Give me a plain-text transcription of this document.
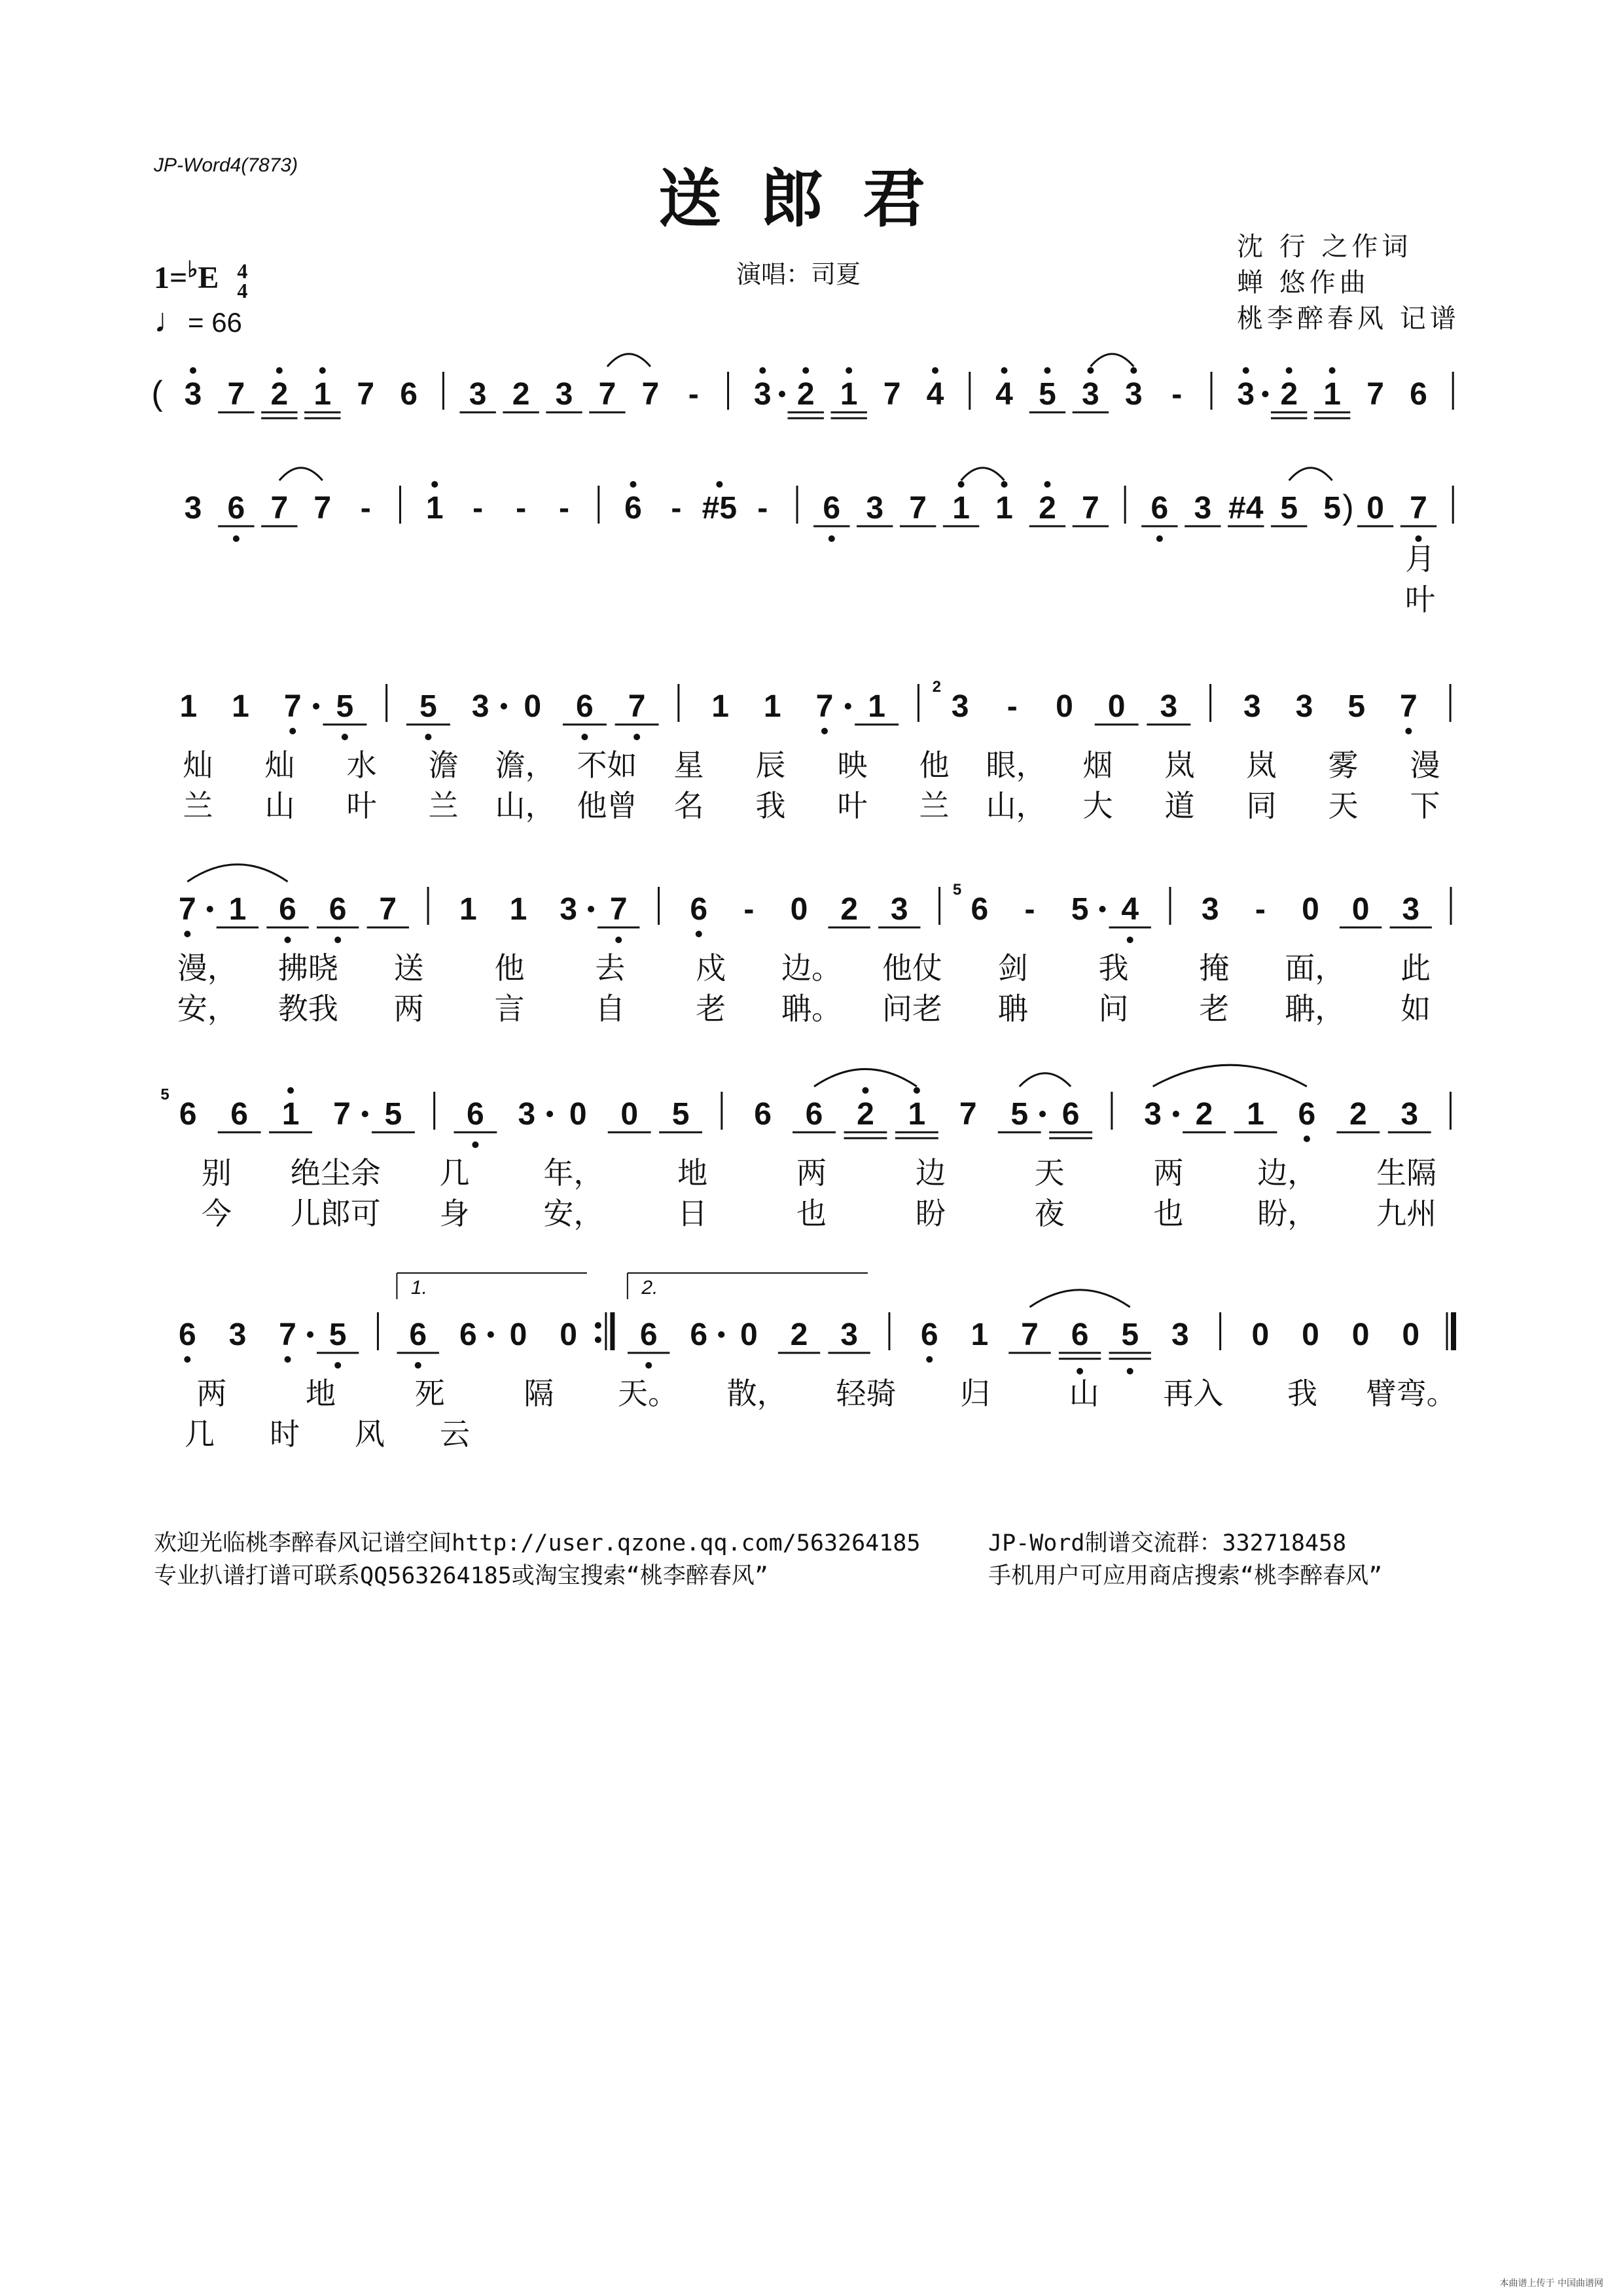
JP-Word4(7873)	送郎君
演唱：司夏
沈 行 之作词
蝉 悠作曲
桃李醉春风 记谱
1=♭E 4
4
♩= 66
( 3 7 2 1 7 6 3 2 3 7 7 - 3 2 1 7 4 4 5 3 3 - 3 2 1 7 6
3 6 7 7 - 1 - - - 6 - #5 - 6 3 7 1 1 2 7 6 3 #4 5 5 0 7
)
月
叶
1 1 7 5 5 3 0 6 7 1 1 7 1
2
3 - 0 0 3 3 3 5 7
灿 灿 水 澹 澹， 不如 星 辰 映 他 眼， 烟 岚 岚 雾 漫
兰 山 叶 兰 山， 他曾 名 我 叶 兰 山， 大 道 同 天 下
7 1 6 6 7 1 1 3 7 6 - 0 2 3
5
6 - 5 4 3 - 0 0 3
漫， 拂晓 送 他 去 戍 边。 他仗 剑 我 掩 面， 此
安， 教我 两 言 自 老 聃。 问老 聃 问 老 聃， 如
5
6 6 1 7 5 6 3 0 0 5 6 6 2 1 7 5 6 3 2 1 6 2 3
别 绝尘余 几 年， 地	两	边	天	两 边， 生隔
今 儿郎可 身 安， 日	也	盼	夜	也 盼， 九州
6 3 7 5 6 6 0 0
1.
6 6 0 2 3
2.
6 1 7 6 5 3 0 0 0 0
两	地	死	隔 天。 散， 轻骑 归	山 再入 我 臂弯。
几 时 风 云
欢迎光临桃李醉春风记谱空间http://user.qzone.qq.com/563264185	JP-Word制谱交流群：332718458
专业扒谱打谱可联系QQ563264185或淘宝搜索“桃李醉春风”	手机用户可应用商店搜索“桃李醉春风”
本曲谱上传于 中国曲谱网
